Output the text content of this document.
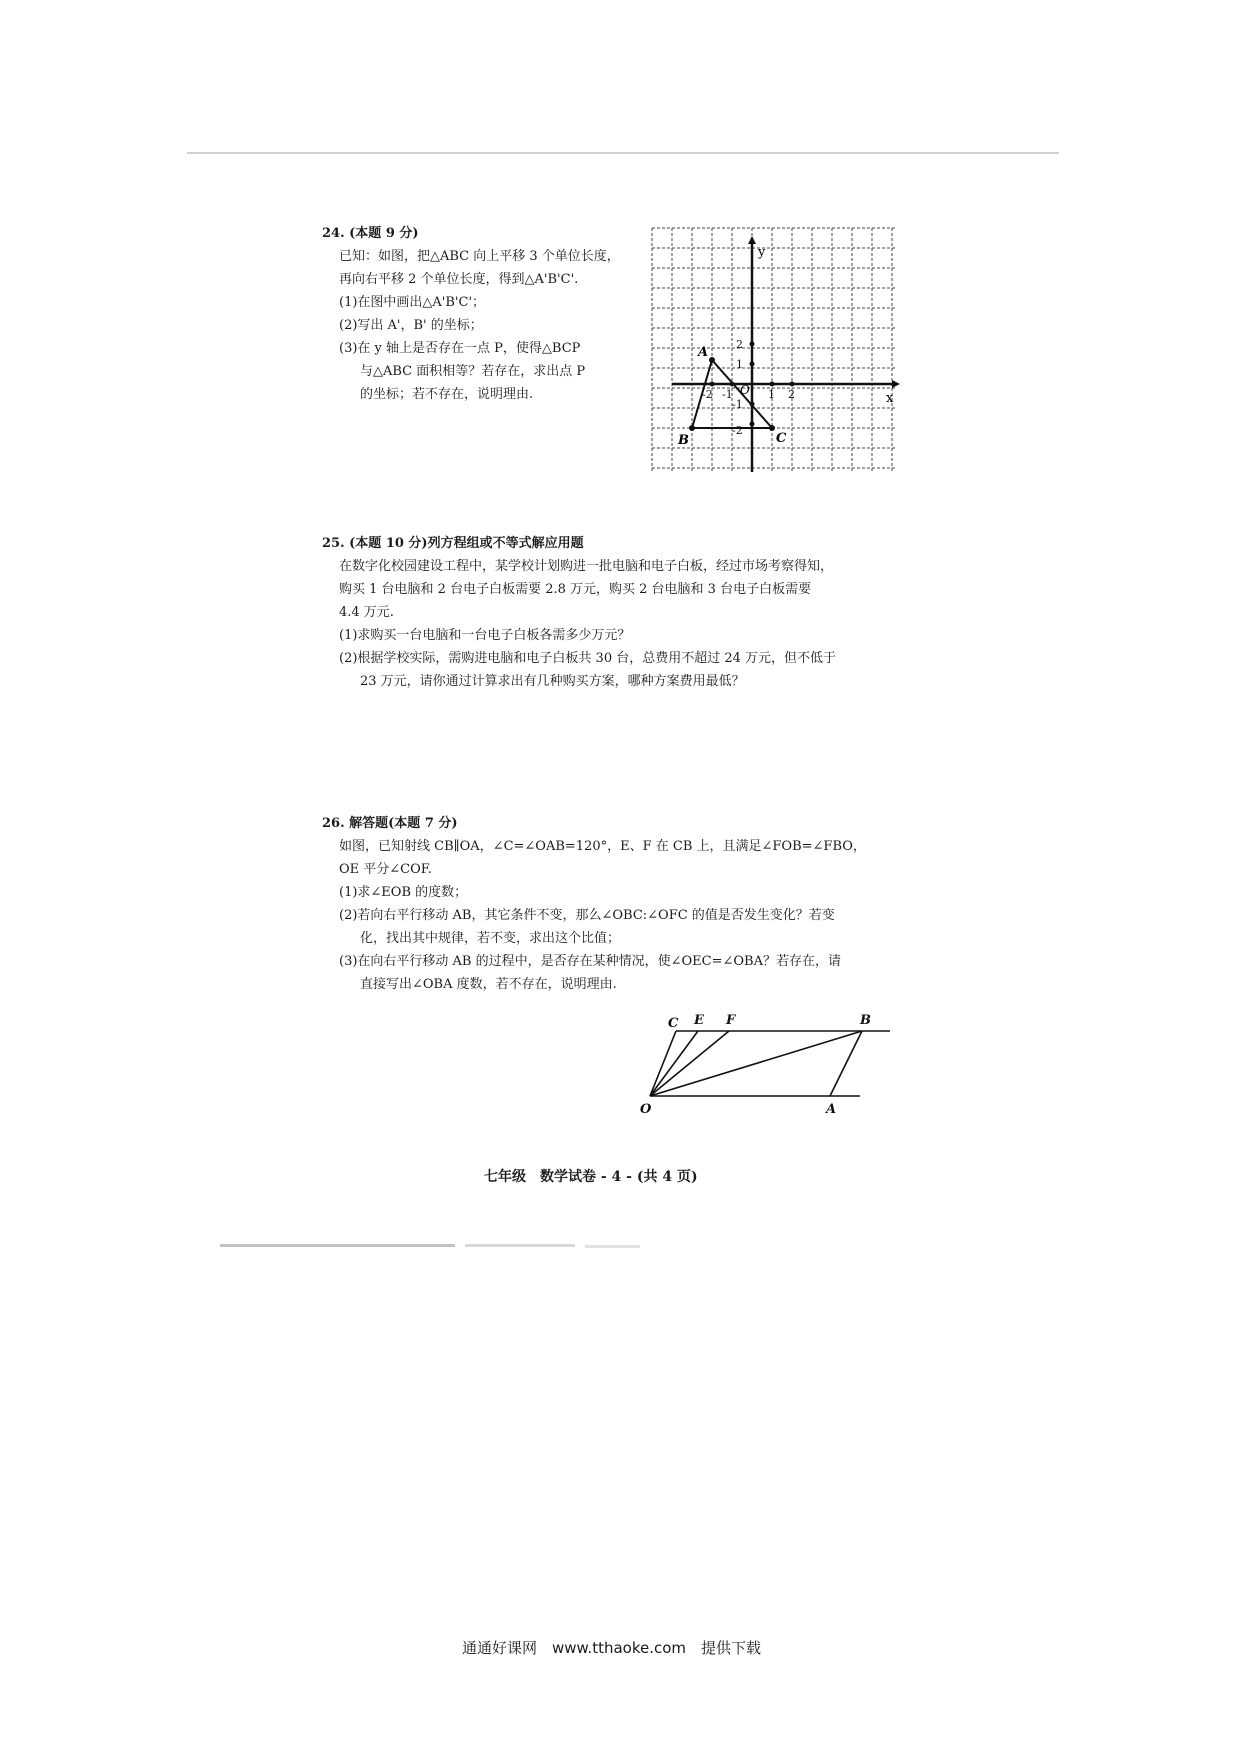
24. (本题 9 分)

已知：如图，把△ABC 向上平移 3 个单位长度，

再向右平移 2 个单位长度，得到△A'B'C'.

(1)在图中画出△A'B'C'；

(2)写出 A'，B' 的坐标；

(3)在 y 轴上是否存在一点 P，使得△BCP

与△ABC 面积相等？若存在，求出点 P

的坐标；若不存在，说明理由.	x
y
2
1
-2 -1	1 2
-1
-2
A
B	C
O

25. (本题 10 分)列方程组或不等式解应用题

在数字化校园建设工程中，某学校计划购进一批电脑和电子白板，经过市场考察得知，

购买 1 台电脑和 2 台电子白板需要 2.8 万元，购买 2 台电脑和 3 台电子白板需要

4.4 万元.

(1)求购买一台电脑和一台电子白板各需多少万元？

(2)根据学校实际，需购进电脑和电子白板共 30 台，总费用不超过 24 万元，但不低于

23 万元，请你通过计算求出有几种购买方案，哪种方案费用最低？

26. 解答题(本题 7 分)

如图，已知射线 CB∥OA，∠C=∠OAB=120°，E、F 在 CB 上，且满足∠FOB=∠FBO，

OE 平分∠COF.

(1)求∠EOB 的度数；

(2)若向右平行移动 AB，其它条件不变，那么∠OBC:∠OFC 的值是否发生变化？若变

化，找出其中规律，若不变，求出这个比值；

(3)在向右平行移动 AB 的过程中，是否存在某种情况，使∠OEC=∠OBA？若存在，请

直接写出∠OBA 度数，若不存在，说明理由.

C E F	B
O	A
七年级　数学试卷 - 4 - (共 4 页)
通通好课网　www.tthaoke.com　提供下载
